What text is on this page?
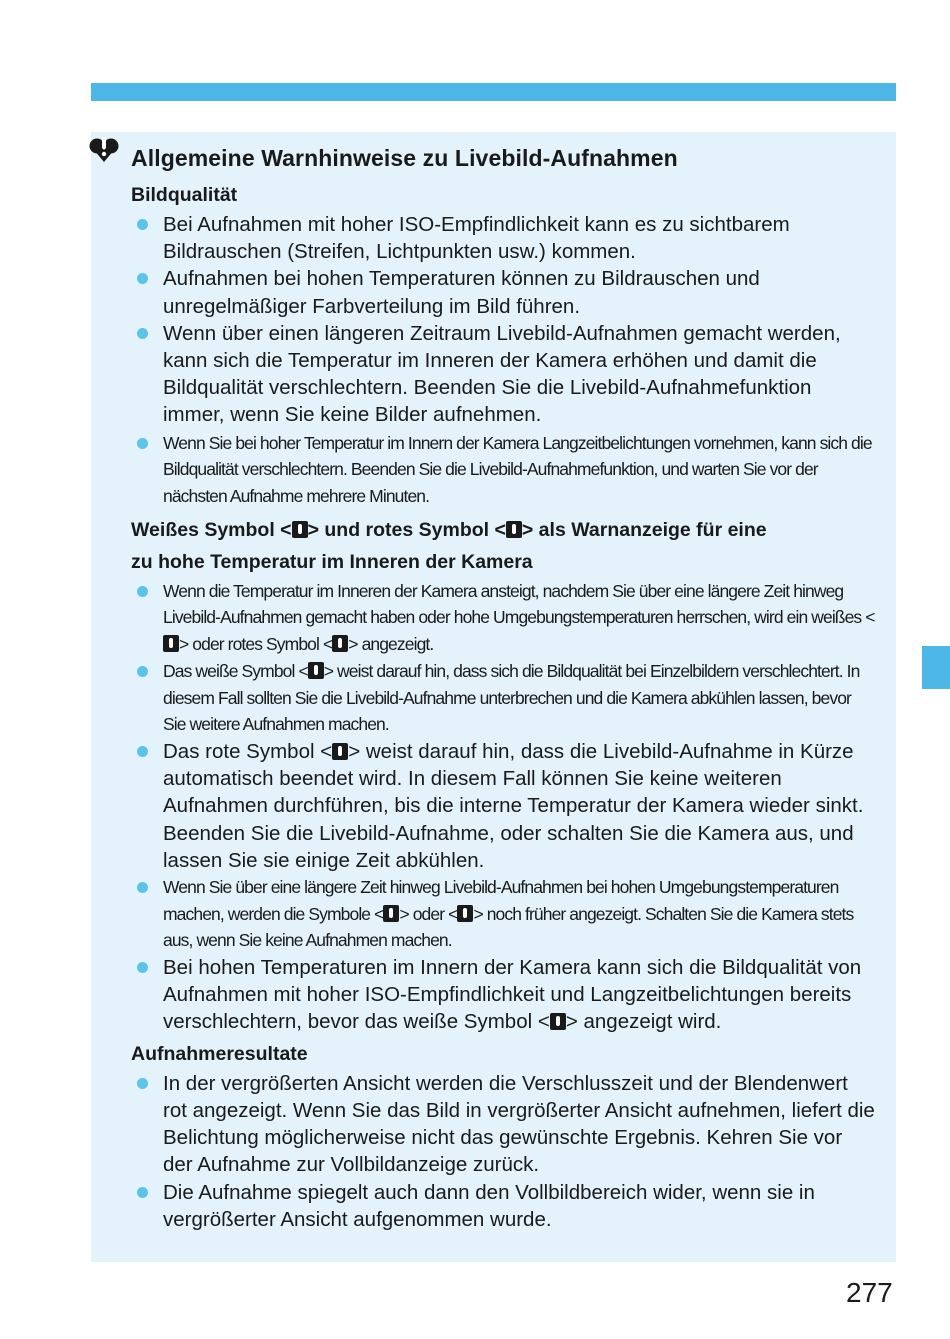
Allgemeine Warnhinweise zu Livebild-Aufnahmen
Bildqualität
Bei Aufnahmen mit hoher ISO-Empfindlichkeit kann es zu sichtbarem Bildrauschen (Streifen, Lichtpunkten usw.) kommen.
Aufnahmen bei hohen Temperaturen können zu Bildrauschen und unregelmäßiger Farbverteilung im Bild führen.
Wenn über einen längeren Zeitraum Livebild-Aufnahmen gemacht werden, kann sich die Temperatur im Inneren der Kamera erhöhen und damit die Bildqualität verschlechtern. Beenden Sie die Livebild-Aufnahmefunktion immer, wenn Sie keine Bilder aufnehmen.
Wenn Sie bei hoher Temperatur im Innern der Kamera Langzeitbelichtungen vornehmen, kann sich die Bildqualität verschlechtern. Beenden Sie die Livebild-Aufnahmefunktion, und warten Sie vor der nächsten Aufnahme mehrere Minuten.
Weißes Symbol < > und rotes Symbol < > als Warnanzeige für eine
zu hohe Temperatur im Inneren der Kamera
Wenn die Temperatur im Inneren der Kamera ansteigt, nachdem Sie über eine längere Zeit hinweg Livebild-Aufnahmen gemacht haben oder hohe Umgebungstemperaturen herrschen, wird ein weißes <> oder rotes Symbol < > angezeigt.
Das weiße Symbol < > weist darauf hin, dass sich die Bildqualität bei Einzelbildern verschlechtert. In diesem Fall sollten Sie die Livebild-Aufnahme unterbrechen und die Kamera abkühlen lassen, bevor Sie weitere Aufnahmen machen.
Das rote Symbol < > weist darauf hin, dass die Livebild-Aufnahme in Kürze automatisch beendet wird. In diesem Fall können Sie keine weiteren Aufnahmen durchführen, bis die interne Temperatur der Kamera wieder sinkt. Beenden Sie die Livebild-Aufnahme, oder schalten Sie die Kamera aus, und lassen Sie sie einige Zeit abkühlen.
Wenn Sie über eine längere Zeit hinweg Livebild-Aufnahmen bei hohen Umgebungstemperaturen machen, werden die Symbole < > oder < > noch früher angezeigt. Schalten Sie die Kamera stets aus, wenn Sie keine Aufnahmen machen.
Bei hohen Temperaturen im Innern der Kamera kann sich die Bildqualität von Aufnahmen mit hoher ISO-Empfindlichkeit und Langzeitbelichtungen bereits verschlechtern, bevor das weiße Symbol < > angezeigt wird.
Aufnahmeresultate
In der vergrößerten Ansicht werden die Verschlusszeit und der Blendenwert rot angezeigt. Wenn Sie das Bild in vergrößerter Ansicht aufnehmen, liefert die Belichtung möglicherweise nicht das gewünschte Ergebnis. Kehren Sie vor der Aufnahme zur Vollbildanzeige zurück.
Die Aufnahme spiegelt auch dann den Vollbildbereich wider, wenn sie in vergrößerter Ansicht aufgenommen wurde.
277
